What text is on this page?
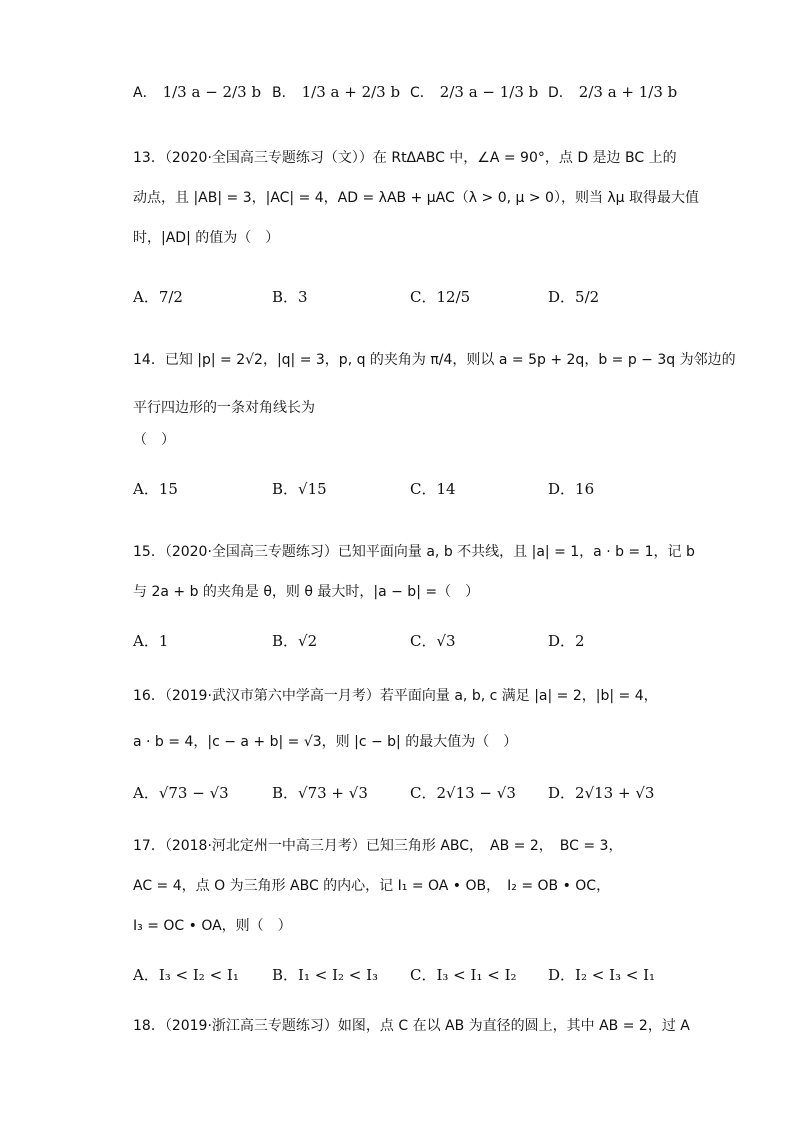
A． 1/3 a − 2/3 b B． 1/3 a + 2/3 b C． 2/3 a − 1/3 b D． 2/3 a + 1/3 b
13．（2020·全国高三专题练习（文））在 RtΔABC 中，∠A = 90°，点 D 是边 BC 上的
动点，且 |AB| = 3，|AC| = 4，AD = λAB + μAC（λ > 0, μ > 0），则当 λμ 取得最大值
时，|AD| 的值为（　）
A．7/2	B．3	C．12/5	D．5/2
14．已知 |p| = 2√2，|q| = 3，p, q 的夹角为 π/4，则以 a = 5p + 2q，b = p − 3q 为邻边的
平行四边形的一条对角线长为
（　）
A．15	B．√15	C．14	D．16
15．（2020·全国高三专题练习）已知平面向量 a, b 不共线，且 |a| = 1，a · b = 1，记 b
与 2a + b 的夹角是 θ，则 θ 最大时，|a − b| =（　）
A．1	B．√2	C．√3	D．2
16．（2019·武汉市第六中学高一月考）若平面向量 a, b, c 满足 |a| = 2，|b| = 4，
a · b = 4，|c − a + b| = √3，则 |c − b| 的最大值为（　）
A．√73 − √3	B．√73 + √3	C．2√13 − √3 D．2√13 + √3
17．（2018·河北定州一中高三月考）已知三角形 ABC，　AB = 2，　BC = 3，
AC = 4，点 O 为三角形 ABC 的内心，记 I₁ = OA • OB，　I₂ = OB • OC，
I₃ = OC • OA，则（　）
A．I₃ < I₂ < I₁ B．I₁ < I₂ < I₃ C．I₃ < I₁ < I₂ D．I₂ < I₃ < I₁
18．（2019·浙江高三专题练习）如图，点 C 在以 AB 为直径的圆上，其中 AB = 2，过 A
